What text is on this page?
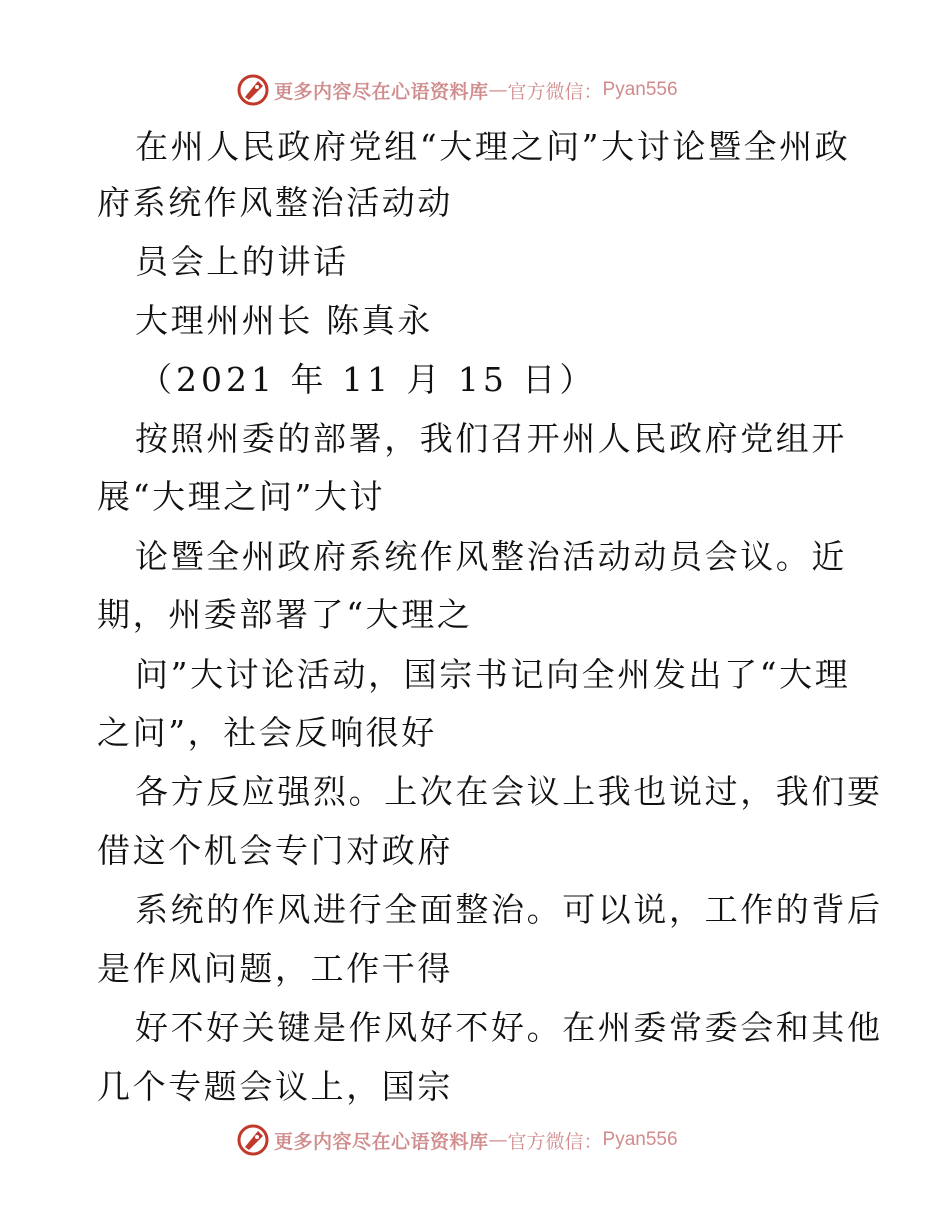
更多内容尽在心语资料库 — 官方微信： Pyan556
在州人民政府党组“大理之问”大讨论暨全州政
府系统作风整治活动动
员会上的讲话
大理州州长 陈真永
（2021 年 11 月 15 日）
按照州委的部署，我们召开州人民政府党组开
展“大理之问”大讨
论暨全州政府系统作风整治活动动员会议。近
期，州委部署了“大理之
问”大讨论活动，国宗书记向全州发出了“大理
之问”，社会反响很好
各方反应强烈。上次在会议上我也说过，我们要
借这个机会专门对政府
系统的作风进行全面整治。可以说，工作的背后
是作风问题，工作干得
好不好关键是作风好不好。在州委常委会和其他
几个专题会议上，国宗
更多内容尽在心语资料库 — 官方微信： Pyan556
